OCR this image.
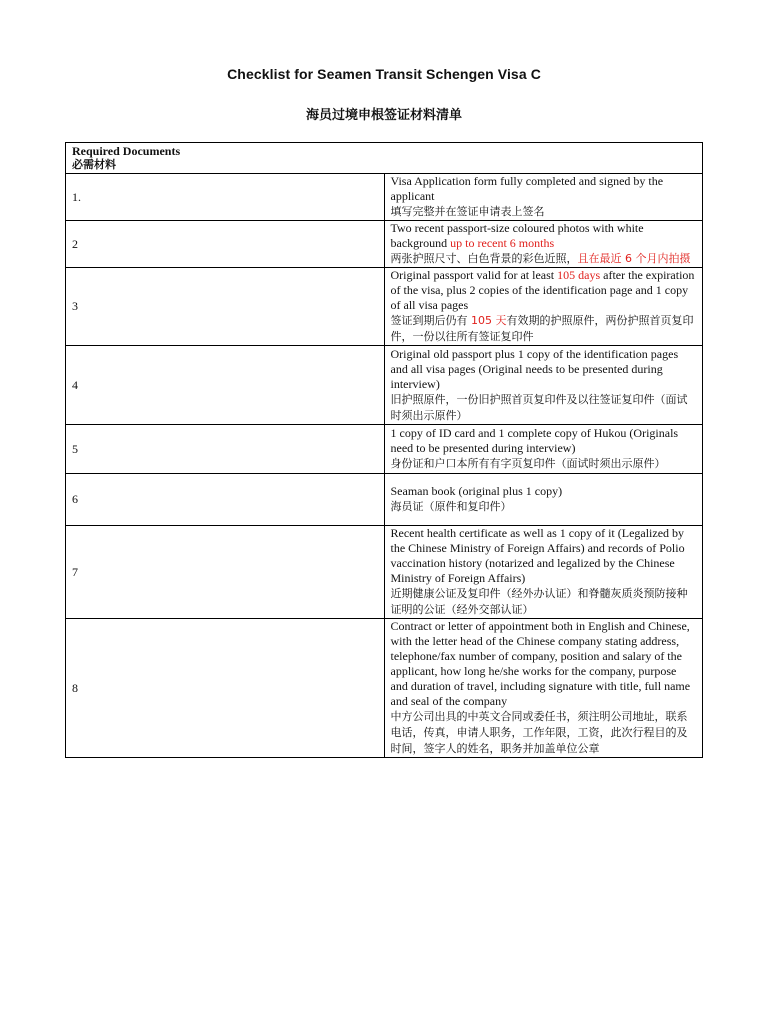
Checklist for Seamen Transit Schengen Visa C
海员过境申根签证材料清单
Required Documents
必需材料	

1.	Visa Application form fully completed and signed by the applicant
填写完整并在签证申请表上签名

2	Two recent passport-size coloured photos with white background up to recent 6 months
两张护照尺寸、白色背景的彩色近照，且在最近 6 个月内拍摄

3	Original passport valid for at least 105 days after the expiration of the visa, plus 2 copies of the identification page and 1 copy of all visa pages
签证到期后仍有 105 天有效期的护照原件，两份护照首页复印件，一份以往所有签证复印件

4	Original old passport plus 1 copy of the identification pages and all visa pages (Original needs to be presented during interview)
旧护照原件，一份旧护照首页复印件及以往签证复印件（面试时须出示原件）

5	1 copy of ID card and 1 complete copy of Hukou (Originals need to be presented during interview)
身份证和户口本所有有字页复印件（面试时须出示原件）

6	Seaman book (original plus 1 copy)
海员证（原件和复印件）

7	Recent health certificate as well as 1 copy of it (Legalized by the Chinese Ministry of Foreign Affairs) and records of Polio vaccination history (notarized and legalized by the Chinese Ministry of Foreign Affairs)
近期健康公证及复印件（经外办认证）和脊髓灰质炎预防接种证明的公证（经外交部认证）

8	Contract or letter of appointment both in English and Chinese, with the letter head of the Chinese company stating address, telephone/fax number of company, position and salary of the applicant, how long he/she works for the company, purpose and duration of travel, including signature with title, full name and seal of the company
中方公司出具的中英文合同或委任书，须注明公司地址，联系电话，传真，申请人职务，工作年限，工资，此次行程目的及时间，签字人的姓名，职务并加盖单位公章
